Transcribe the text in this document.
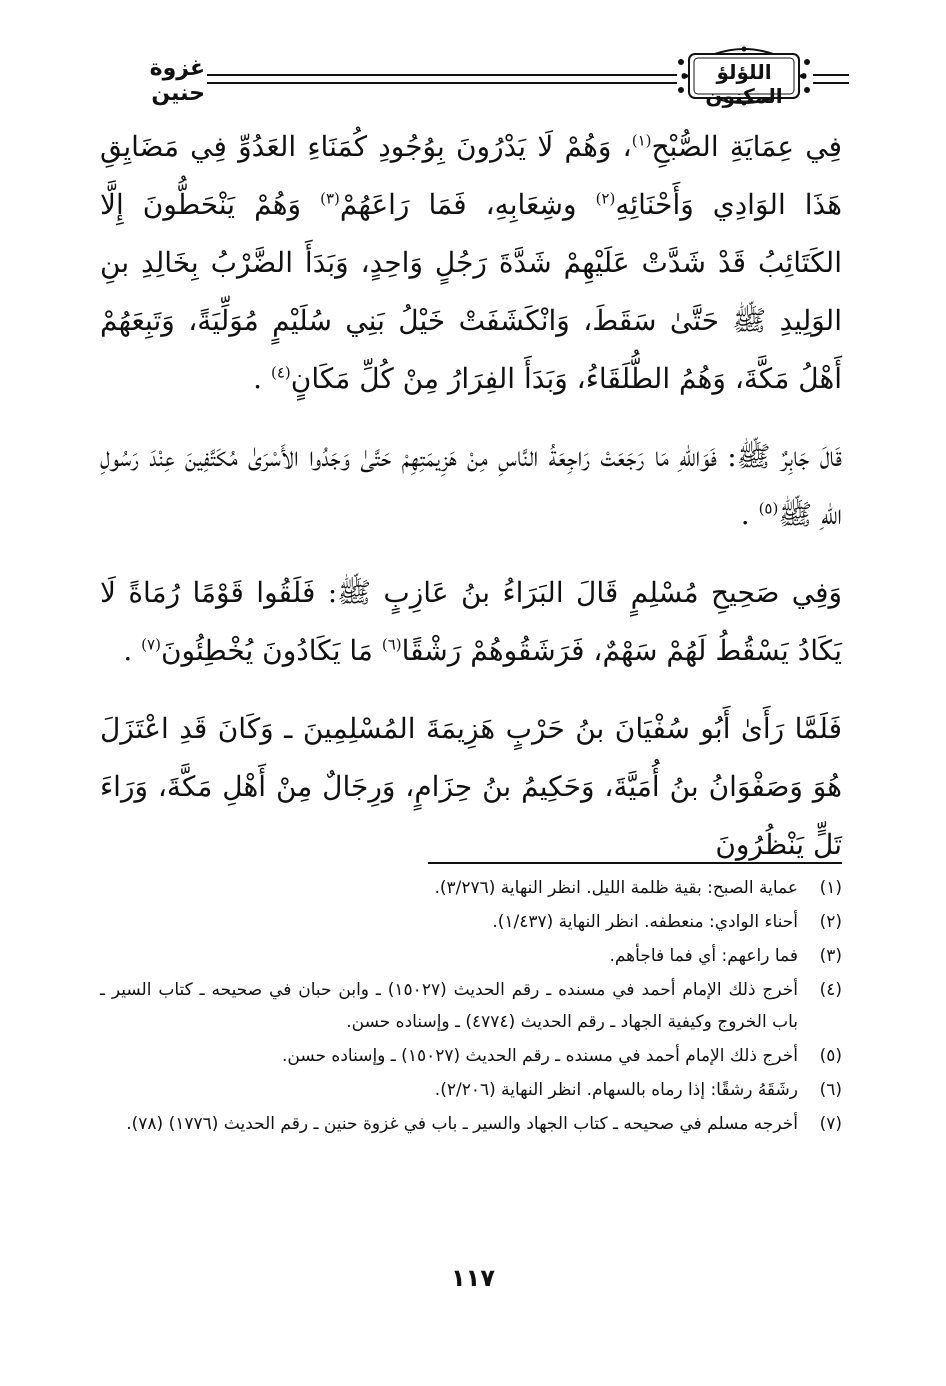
غزوة حنين
اللؤلؤ المكنون

فِي عِمَايَةِ الصُّبْحِ$^{(١)}$، وَهُمْ لَا يَدْرُونَ بِوُجُودِ كُمَنَاءِ العَدُوِّ فِي مَضَايِقِ هَذَا الوَادِي وَأَحْنَائِهِ$^{(٢)}$ وشِعَابِهِ، فَمَا رَاعَهُمْ$^{(٣)}$ وَهُمْ يَنْحَطُّونَ إِلَّا الكَتَائِبُ قَدْ شَدَّتْ عَلَيْهِمْ شَدَّةَ رَجُلٍ وَاحِدٍ، وَبَدَأَ الضَّرْبُ بِخَالِدِ بنِ الوَلِيدِ ﷺ حَتَّىٰ سَقَطَ، وَانْكَشَفَتْ خَيْلُ بَنِي سُلَيْمٍ مُوَلِّيَةً، وَتَبِعَهُمْ أَهْلُ مَكَّةَ، وَهُمُ الطُّلَقَاءُ، وَبَدَأَ الفِرَارُ مِنْ كُلِّ مَكَانٍ$^{(٤)}$ .

قَالَ جَابِرٌ ﷺ: فَوَاللهِ مَا رَجَعَتْ رَاجِعَةُ النَّاسِ مِنْ هَزِيمَتِهِمْ حَتَّىٰ وَجَدُوا الأَسْرَىٰ مُكَتَّفِينَ عِنْدَ رَسُولِ اللهِ ﷺ$^{(٥)}$ .

وَفِي صَحِيحِ مُسْلِمٍ قَالَ البَرَاءُ بنُ عَازِبٍ ﷺ: فَلَقُوا قَوْمًا رُمَاةً لَا يَكَادُ يَسْقُطُ لَهُمْ سَهْمٌ، فَرَشَقُوهُمْ رَشْقًا$^{(٦)}$ مَا يَكَادُونَ يُخْطِئُونَ$^{(٧)}$ .

فَلَمَّا رَأَىٰ أَبُو سُفْيَانَ بنُ حَرْبٍ هَزِيمَةَ المُسْلِمِينَ ـ وَكَانَ قَدِ اعْتَزَلَ هُوَ وَصَفْوَانُ بنُ أُمَيَّةَ، وَحَكِيمُ بنُ حِزَامٍ، وَرِجَالٌ مِنْ أَهْلِ مَكَّةَ، وَرَاءَ تَلٍّ يَنْظُرُونَ

(١)
عماية الصبح: بقية ظلمة الليل. انظر النهاية (٣/٢٧٦).
(٢)
أحناء الوادي: منعطفه. انظر النهاية (١/٤٣٧).
(٣)
فما راعهم: أي فما فاجأهم.
(٤)
أخرج ذلك الإمام أحمد في مسنده ـ رقم الحديث (١٥٠٢٧) ـ وابن حبان في صحيحه ـ كتاب السير ـ باب الخروج وكيفية الجهاد ـ رقم الحديث (٤٧٧٤) ـ وإسناده حسن.
(٥)
أخرج ذلك الإمام أحمد في مسنده ـ رقم الحديث (١٥٠٢٧) ـ وإسناده حسن.
(٦)
رشَقَهُ رشقًا: إذا رماه بالسهام. انظر النهاية (٢/٢٠٦).
(٧)
أخرجه مسلم في صحيحه ـ كتاب الجهاد والسير ـ باب في غزوة حنين ـ رقم الحديث (١٧٧٦) (٧٨).
١١٧
